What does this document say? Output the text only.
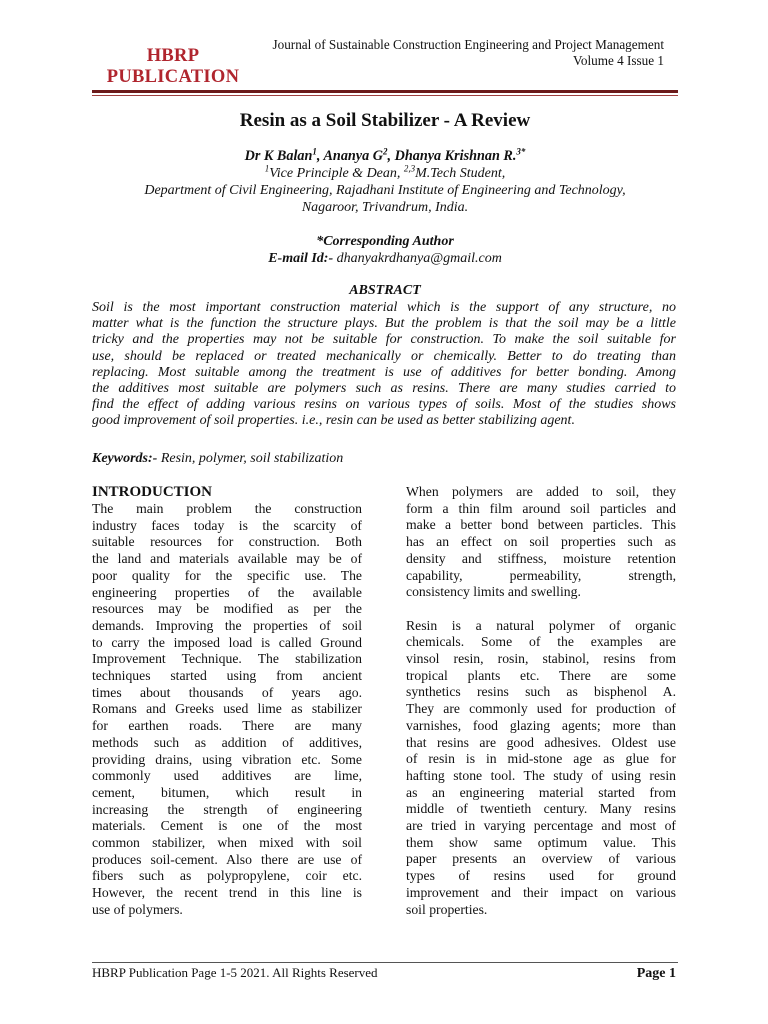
HBRP
PUBLICATION
Journal of Sustainable Construction Engineering and Project Management
Volume 4 Issue 1
Resin as a Soil Stabilizer - A Review
Dr K Balan$^1$, Ananya $G^2$, Dhanya Krishnan R.$^{3*}$
$^1$Vice Principle & Dean, $^{2,3}$M.Tech Student,
Department of Civil Engineering, Rajadhani Institute of Engineering and Technology,
Nagaroor, Trivandrum, India.
*Corresponding Author
E-mail Id:- dhanyakrdhanya@gmail.com
ABSTRACT
Soil is the most important construction material which is the support of any structure, no
matter what is the function the structure plays. But the problem is that the soil may be a little
tricky and the properties may not be suitable for construction. To make the soil suitable for
use, should be replaced or treated mechanically or chemically. Better to do treating than
replacing. Most suitable among the treatment is use of additives for better bonding. Among
the additives most suitable are polymers such as resins. There are many studies carried to
find the effect of adding various resins on various types of soils. Most of the studies shows
good improvement of soil properties. i.e., resin can be used as better stabilizing agent.
Keywords:- Resin, polymer, soil stabilization
INTRODUCTION
The main problem the construction
industry faces today is the scarcity of
suitable resources for construction. Both
the land and materials available may be of
poor quality for the specific use. The
engineering properties of the available
resources may be modified as per the
demands. Improving the properties of soil
to carry the imposed load is called Ground
Improvement Technique. The stabilization
techniques started using from ancient
times about thousands of years ago.
Romans and Greeks used lime as stabilizer
for earthen roads. There are many
methods such as addition of additives,
providing drains, using vibration etc. Some
commonly used additives are lime,
cement, bitumen, which result in
increasing the strength of engineering
materials. Cement is one of the most
common stabilizer, when mixed with soil
produces soil-cement. Also there are use of
fibers such as polypropylene, coir etc.
However, the recent trend in this line is
use of polymers.
When polymers are added to soil, they
form a thin film around soil particles and
make a better bond between particles. This
has an effect on soil properties such as
density and stiffness, moisture retention
capability, permeability, strength,
consistency limits and swelling.
Resin is a natural polymer of organic
chemicals. Some of the examples are
vinsol resin, rosin, stabinol, resins from
tropical plants etc. There are some
synthetics resins such as bisphenol A.
They are commonly used for production of
varnishes, food glazing agents; more than
that resins are good adhesives. Oldest use
of resin is in mid-stone age as glue for
hafting stone tool. The study of using resin
as an engineering material started from
middle of twentieth century. Many resins
are tried in varying percentage and most of
them show same optimum value. This
paper presents an overview of various
types of resins used for ground
improvement and their impact on various
soil properties.
HBRP Publication Page 1-5 2021. All Rights Reserved	Page 1
